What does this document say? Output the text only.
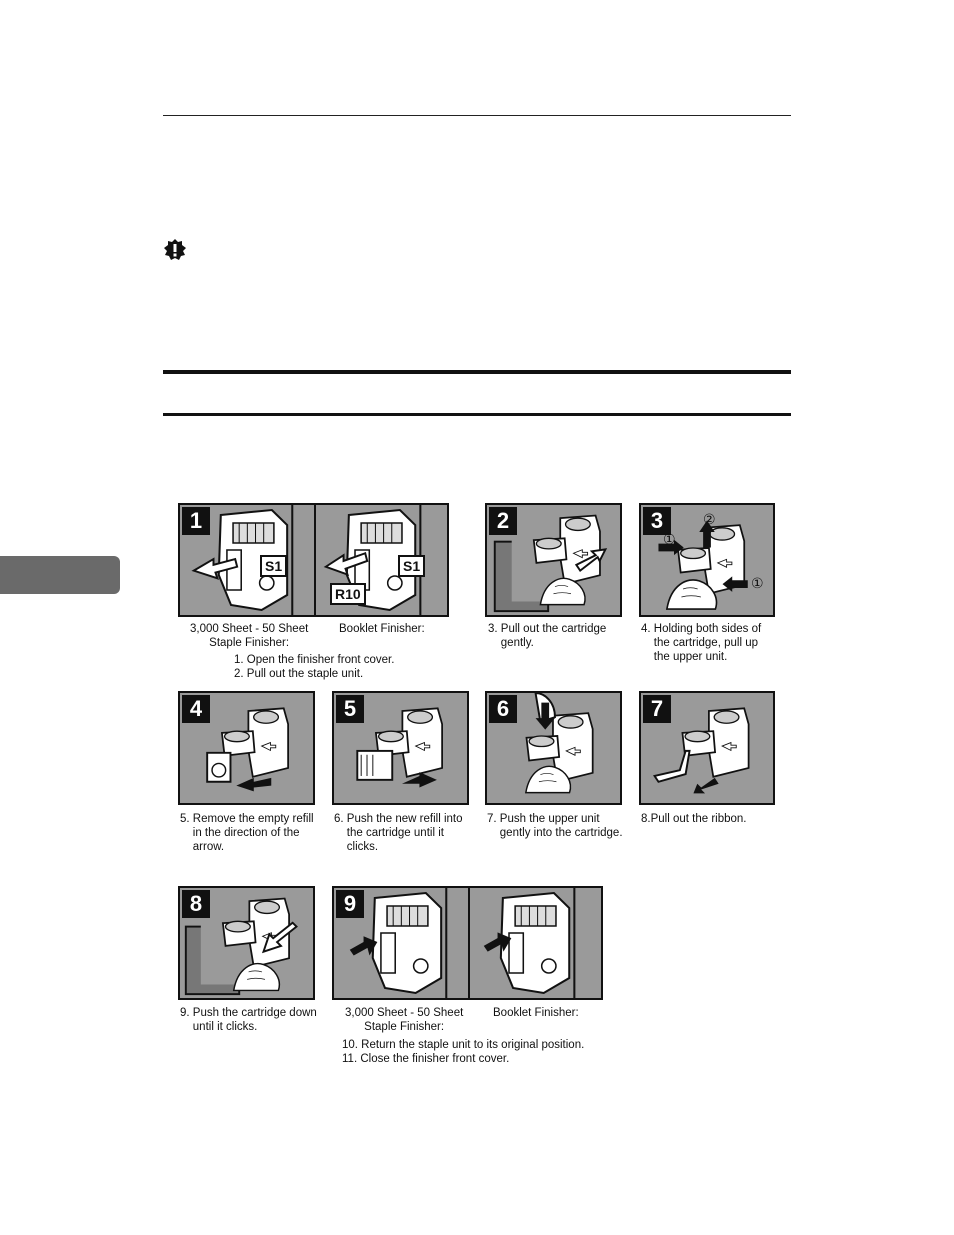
1
S1	S1
R10
3,000 Sheet - 50 Sheet
Staple Finisher:
Booklet Finisher:
1. Open the finisher front cover.
2. Pull out the staple unit.
2
3. Pull out the cartridge
gently.
3
①
②
①
4. Holding both sides of
the cartridge, pull up
the upper unit.
4
5. Remove the empty refill
in the direction of the
arrow.
5
6. Push the new refill into
the cartridge until it
clicks.
6
7. Push the upper unit
gently into the cartridge.
7
8.Pull out the ribbon.
8
9. Push the cartridge down
until it clicks.
9
3,000 Sheet - 50 Sheet
Staple Finisher:
Booklet Finisher:
10. Return the staple unit to its original position.
11. Close the finisher front cover.
